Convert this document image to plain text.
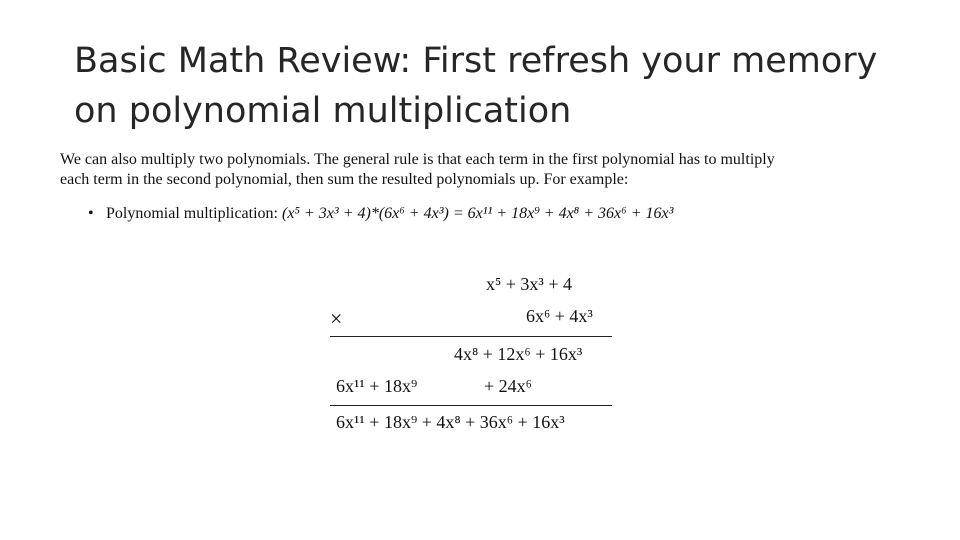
Basic Math Review: First refresh your memory
on polynomial multiplication
We can also multiply two polynomials. The general rule is that each term in the first polynomial has to multiply
each term in the second polynomial, then sum the resulted polynomials up. For example:
• Polynomial multiplication: (x⁵ + 3x³ + 4)*(6x⁶ + 4x³) = 6x¹¹ + 18x⁹ + 4x⁸ + 36x⁶ + 16x³
x⁵ + 3x³ + 4
×	6x⁶ + 4x³
4x⁸ + 12x⁶ + 16x³
6x¹¹ + 18x⁹	+ 24x⁶
6x¹¹ + 18x⁹ + 4x⁸ + 36x⁶ + 16x³
